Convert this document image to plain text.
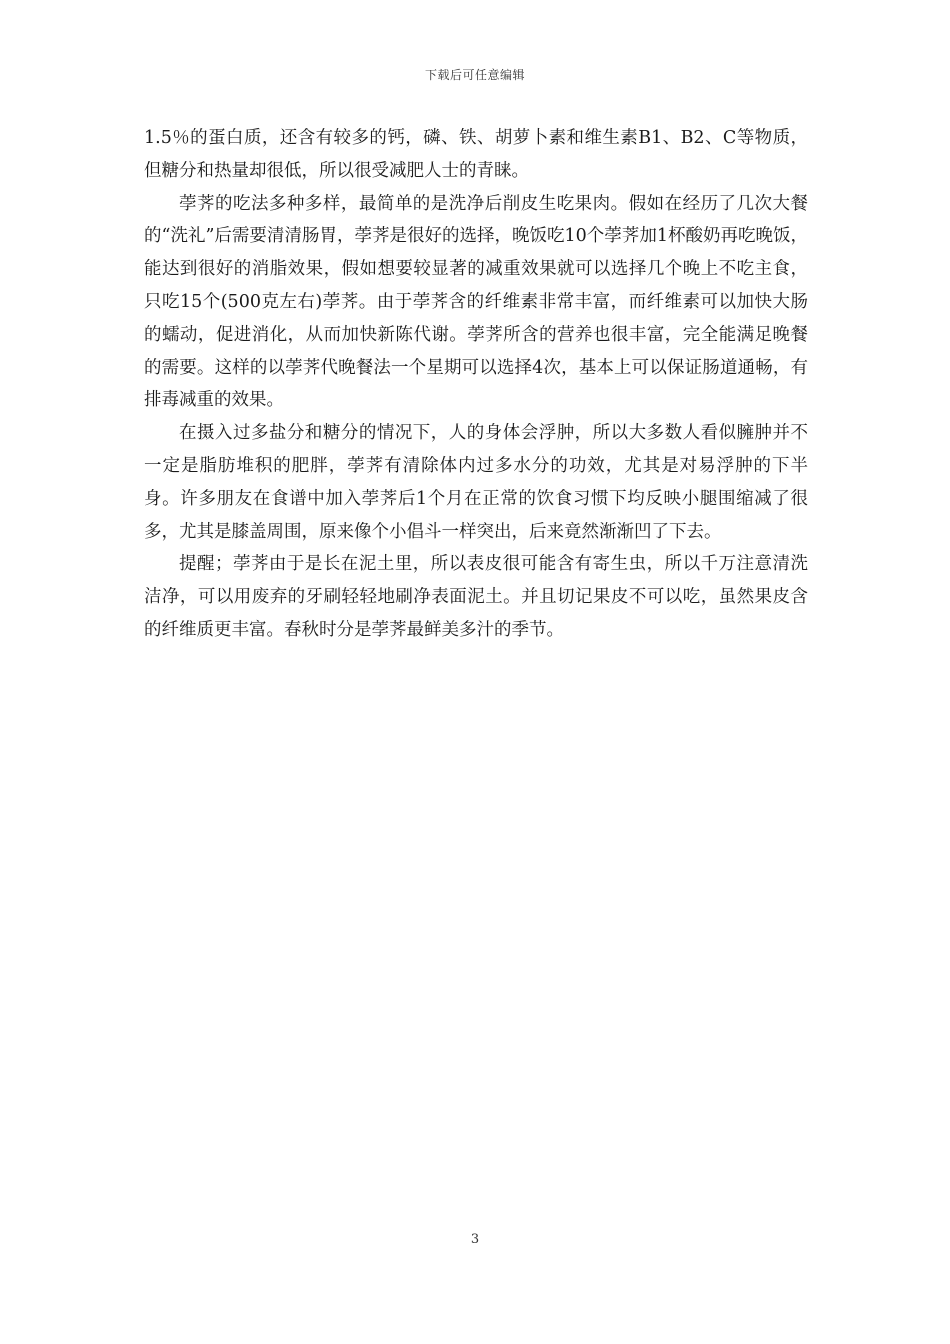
下载后可任意编辑

1.5％的蛋白质，还含有较多的钙，磷、铁、胡萝卜素和维生素B1、B2、C等物质，但糖分和热量却很低，所以很受减肥人士的青睐。

荸荠的吃法多种多样，最简单的是洗净后削皮生吃果肉。假如在经历了几次大餐的“洗礼”后需要清清肠胃，荸荠是很好的选择，晚饭吃10个荸荠加1杯酸奶再吃晚饭，能达到很好的消脂效果，假如想要较显著的减重效果就可以选择几个晚上不吃主食，只吃15个(500克左右)荸荠。由于荸荠含的纤维素非常丰富，而纤维素可以加快大肠的蠕动，促进消化，从而加快新陈代谢。荸荠所含的营养也很丰富，完全能满足晚餐的需要。这样的以荸荠代晚餐法一个星期可以选择4次，基本上可以保证肠道通畅，有排毒减重的效果。

在摄入过多盐分和糖分的情况下，人的身体会浮肿，所以大多数人看似臃肿并不一定是脂肪堆积的肥胖，荸荠有清除体内过多水分的功效，尤其是对易浮肿的下半身。许多朋友在食谱中加入荸荠后1个月在正常的饮食习惯下均反映小腿围缩减了很多，尤其是膝盖周围，原来像个小倡斗一样突出，后来竟然渐渐凹了下去。

提醒；荸荠由于是长在泥土里，所以表皮很可能含有寄生虫，所以千万注意清洗洁净，可以用废弃的牙刷轻轻地刷净表面泥土。并且切记果皮不可以吃，虽然果皮含的纤维质更丰富。春秋时分是荸荠最鲜美多汁的季节。

3
